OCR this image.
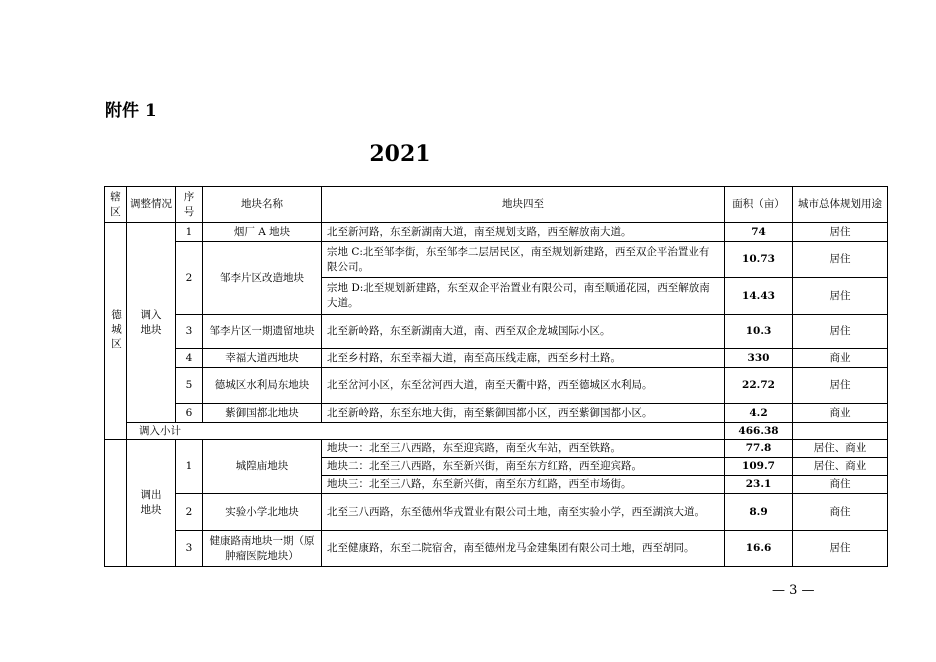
附件 1
2021
辖区	调整情况	序号	地块名称	地块四至	面积（亩）	城市总体规划用途
德城区	调入地块	1	烟厂 A 地块	北至新河路，东至新湖南大道，南至规划支路，西至解放南大道。	74	居住
		2	邹李片区改造地块	宗地 C:北至邹李街，东至邹李二层居民区，南至规划新建路，西至双企平治置业有限公司。	10.73	居住
				宗地 D:北至规划新建路，东至双企平治置业有限公司，南至顺通花园，西至解放南大道。	14.43	居住
		3	邹李片区一期遗留地块	北至新岭路，东至新湖南大道，南、西至双企龙城国际小区。	10.3	居住
		4	幸福大道西地块	北至乡村路，东至幸福大道，南至高压线走廊，西至乡村土路。	330	商业
		5	德城区水利局东地块	北至岔河小区，东至岔河西大道，南至天衢中路，西至德城区水利局。	22.72	居住
		6	紫御国都北地块	北至新岭路，东至东地大街，南至紫御国都小区，西至紫御国都小区。	4.2	商业
	调入小计				466.38	
	调出地块	1	城隍庙地块	地块一：北至三八西路，东至迎宾路，南至火车站，西至铁路。	77.8	居住、商业
				地块二：北至三八西路，东至新兴街，南至东方红路，西至迎宾路。	109.7	居住、商业
				地块三：北至三八路，东至新兴街，南至东方红路，西至市场街。	23.1	商住
		2	实验小学北地块	北至三八西路，东至德州华戎置业有限公司土地，南至实验小学，西至湖滨大道。	8.9	商住
		3	健康路南地块一期（原肿瘤医院地块）	北至健康路，东至二院宿舍，南至德州龙马金建集团有限公司土地，西至胡同。	16.6	居住
— 3 —
